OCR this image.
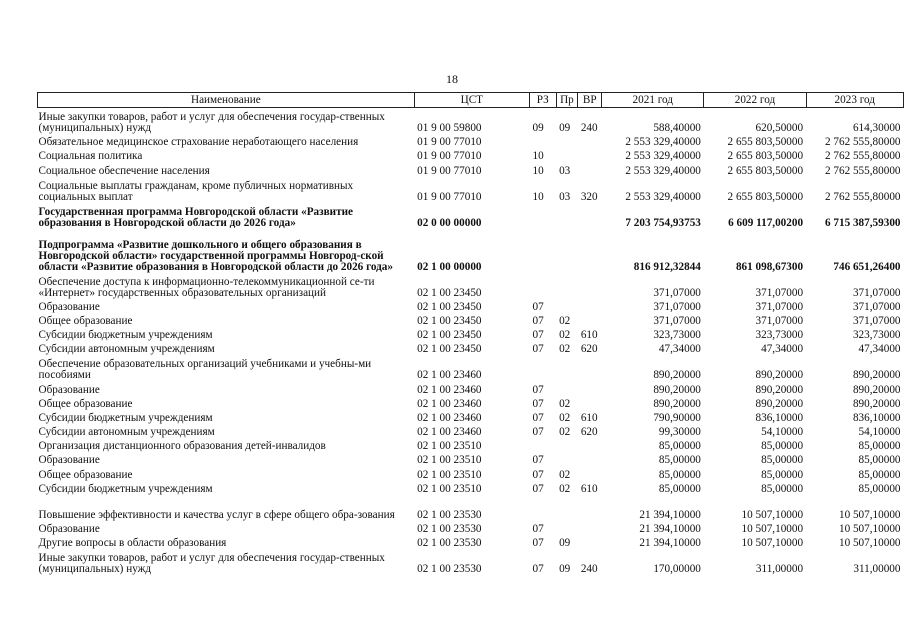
18
Наименование	ЦСТ	РЗ	Пр	ВР	2021 год	2022 год	2023 год
Иные закупки товаров, работ и услуг для обеспечения государ-ственных (муниципальных) нужд	01 9 00 59800	09	09	240	588,40000	620,50000	614,30000
Обязательное медицинское страхование неработающего населения	01 9 00 77010				2 553 329,40000	2 655 803,50000	2 762 555,80000
Социальная политика	01 9 00 77010	10			2 553 329,40000	2 655 803,50000	2 762 555,80000
Социальное обеспечение населения	01 9 00 77010	10	03		2 553 329,40000	2 655 803,50000	2 762 555,80000
Социальные выплаты гражданам, кроме публичных нормативных социальных выплат	01 9 00 77010	10	03	320	2 553 329,40000	2 655 803,50000	2 762 555,80000
Государственная программа Новгородской области «Развитие образования в Новгородской области до 2026 года»	02 0 00 00000				7 203 754,93753	6 609 117,00200	6 715 387,59300
Подпрограмма «Развитие дошкольного и общего образования в Новгородской области» государственной программы Новгород-ской области «Развитие образования в Новгородской области до 2026 года»	02 1 00 00000				816 912,32844	861 098,67300	746 651,26400
Обеспечение доступа к информационно-телекоммуникационной се-ти «Интернет» государственных образовательных организаций	02 1 00 23450				371,07000	371,07000	371,07000
Образование	02 1 00 23450	07			371,07000	371,07000	371,07000
Общее образование	02 1 00 23450	07	02		371,07000	371,07000	371,07000
Субсидии бюджетным учреждениям	02 1 00 23450	07	02	610	323,73000	323,73000	323,73000
Субсидии автономным учреждениям	02 1 00 23450	07	02	620	47,34000	47,34000	47,34000
Обеспечение образовательных организаций учебниками и учебны-ми пособиями	02 1 00 23460				890,20000	890,20000	890,20000
Образование	02 1 00 23460	07			890,20000	890,20000	890,20000
Общее образование	02 1 00 23460	07	02		890,20000	890,20000	890,20000
Субсидии бюджетным учреждениям	02 1 00 23460	07	02	610	790,90000	836,10000	836,10000
Субсидии автономным учреждениям	02 1 00 23460	07	02	620	99,30000	54,10000	54,10000
Организация дистанционного образования детей-инвалидов	02 1 00 23510				85,00000	85,00000	85,00000
Образование	02 1 00 23510	07			85,00000	85,00000	85,00000
Общее образование	02 1 00 23510	07	02		85,00000	85,00000	85,00000
Субсидии бюджетным учреждениям	02 1 00 23510	07	02	610	85,00000	85,00000	85,00000
Повышение эффективности и качества услуг в сфере общего обра-зования	02 1 00 23530				21 394,10000	10 507,10000	10 507,10000
Образование	02 1 00 23530	07			21 394,10000	10 507,10000	10 507,10000
Другие вопросы в области образования	02 1 00 23530	07	09		21 394,10000	10 507,10000	10 507,10000
Иные закупки товаров, работ и услуг для обеспечения государ-ственных (муниципальных) нужд	02 1 00 23530	07	09	240	170,00000	311,00000	311,00000
